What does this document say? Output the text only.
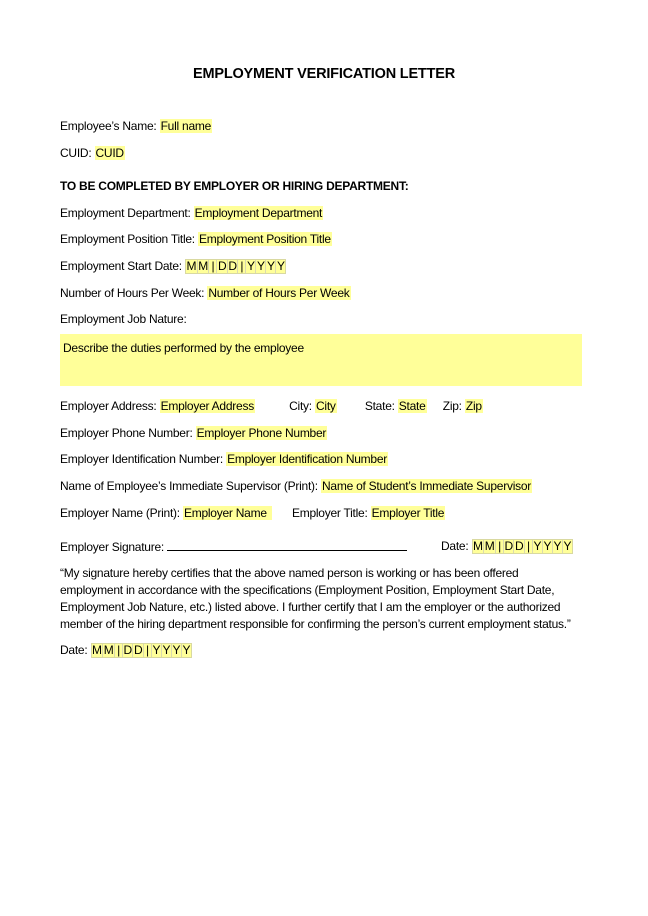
EMPLOYMENT VERIFICATION LETTER
Employee’s Name: Full name
CUID: CUID
TO BE COMPLETED BY EMPLOYER OR HIRING DEPARTMENT:
Employment Department: Employment Department
Employment Position Title: Employment Position Title
Employment Start Date: M M | D D | Y Y Y Y
Number of Hours Per Week: Number of Hours Per Week
Employment Job Nature:
Describe the duties performed by the employee
Employer Address: Employer Address	City: City State: State Zip: Zip
Employer Phone Number: Employer Phone Number
Employer Identification Number: Employer Identification Number
Name of Employee’s Immediate Supervisor (Print): Name of Student’s Immediate Supervisor
Employer Name (Print): Employer Name Employer Title: Employer Title
Employer Signature:	Date: M M | D D | Y Y Y Y
“My signature hereby certifies that the above named person is working or has been offered
employment in accordance with the specifications (Employment Position, Employment Start Date,
Employment Job Nature, etc.) listed above. I further certify that I am the employer or the authorized
member of the hiring department responsible for confirming the person’s current employment status.”
Date: M M | D D | Y Y Y Y
